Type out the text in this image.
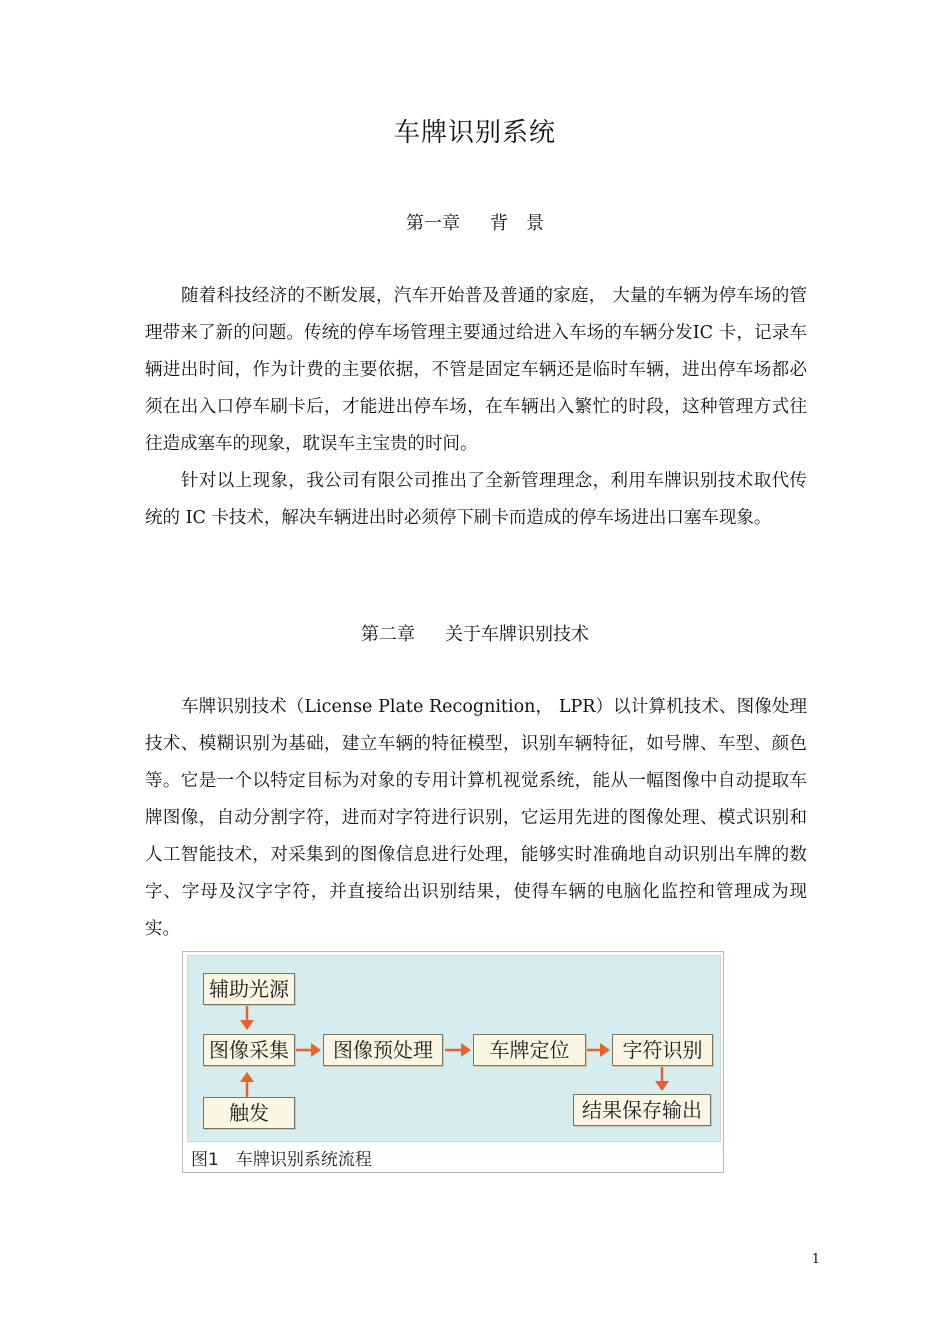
车牌识别系统
第一章 背　景

随着科技经济的不断发展，汽车开始普及普通的家庭， 大量的车辆为停车场的管理带来了新的问题。传统的停车场管理主要通过给进入车场的车辆分发IC 卡，记录车辆进出时间，作为计费的主要依据，不管是固定车辆还是临时车辆，进出停车场都必须在出入口停车刷卡后，才能进出停车场，在车辆出入繁忙的时段，这种管理方式往往造成塞车的现象，耽误车主宝贵的时间。

针对以上现象，我公司有限公司推出了全新管理理念，利用车牌识别技术取代传统的 IC 卡技术，解决车辆进出时必须停下刷卡而造成的停车场进出口塞车现象。

第二章 关于车牌识别技术

车牌识别技术（License Plate Recognition， LPR）以计算机技术、图像处理技术、模糊识别为基础，建立车辆的特征模型，识别车辆特征，如号牌、车型、颜色等。它是一个以特定目标为对象的专用计算机视觉系统，能从一幅图像中自动提取车牌图像，自动分割字符，进而对字符进行识别，它运用先进的图像处理、模式识别和人工智能技术，对采集到的图像信息进行处理，能够实时准确地自动识别出车牌的数字、字母及汉字字符，并直接给出识别结果，使得车辆的电脑化监控和管理成为现实。

辅助光源
图像采集
触发
图像预处理	车牌定位	字符识别
结果保存输出
图1　车牌识别系统流程
1
